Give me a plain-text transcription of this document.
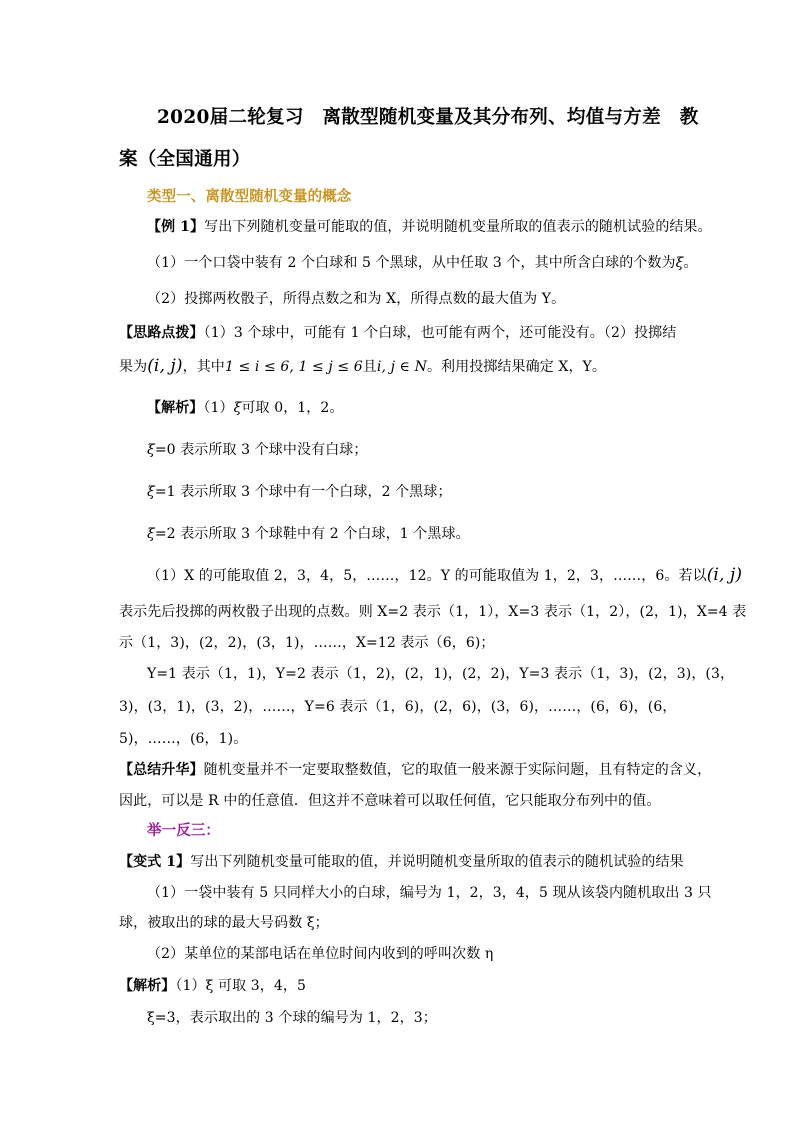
2020届二轮复习　离散型随机变量及其分布列、均值与方差　教
案（全国通用）
类型一、离散型随机变量的概念
【例 1】写出下列随机变量可能取的值，并说明随机变量所取的值表示的随机试验的结果。
（1）一个口袋中装有 2 个白球和 5 个黑球，从中任取 3 个，其中所含白球的个数为ξ。
（2）投掷两枚骰子，所得点数之和为 X，所得点数的最大值为 Y。
【思路点拨】（1）3 个球中，可能有 1 个白球，也可能有两个，还可能没有。（2）投掷结
果为(i, j)，其中1 ≤ i ≤ 6, 1 ≤ j ≤ 6且i, j ∈ N。利用投掷结果确定 X，Y。
【解析】（1）ξ可取 0，1，2。
ξ=0 表示所取 3 个球中没有白球；
ξ=1 表示所取 3 个球中有一个白球，2 个黑球；
ξ=2 表示所取 3 个球鞋中有 2 个白球，1 个黑球。
（1）X 的可能取值 2，3，4，5，……，12。Y 的可能取值为 1，2，3，……，6。若以(i, j)
表示先后投掷的两枚骰子出现的点数。则 X=2 表示（1，1），X=3 表示（1，2），(2，1)，X=4 表
示（1，3)，(2，2)，(3，1)，……，X=12 表示（6，6)；
Y=1 表示（1，1)，Y=2 表示（1，2)，(2，1)，(2，2)，Y=3 表示（1，3)，(2，3)，(3，
3)，(3，1)，(3，2)，……，Y=6 表示（1，6)，(2，6)，(3，6)，……，(6，6)，(6，
5)，……，(6，1)。
【总结升华】随机变量并不一定要取整数值，它的取值一般来源于实际问题，且有特定的含义，
因此，可以是 R 中的任意值．但这并不意味着可以取任何值，它只能取分布列中的值。
举一反三：
【变式 1】写出下列随机变量可能取的值，并说明随机变量所取的值表示的随机试验的结果
（1）一袋中装有 5 只同样大小的白球，编号为 1，2，3，4，5 现从该袋内随机取出 3 只
球，被取出的球的最大号码数 ξ；
（2）某单位的某部电话在单位时间内收到的呼叫次数 η
【解析】（1）ξ 可取 3，4，5
ξ=3，表示取出的 3 个球的编号为 1，2，3；
